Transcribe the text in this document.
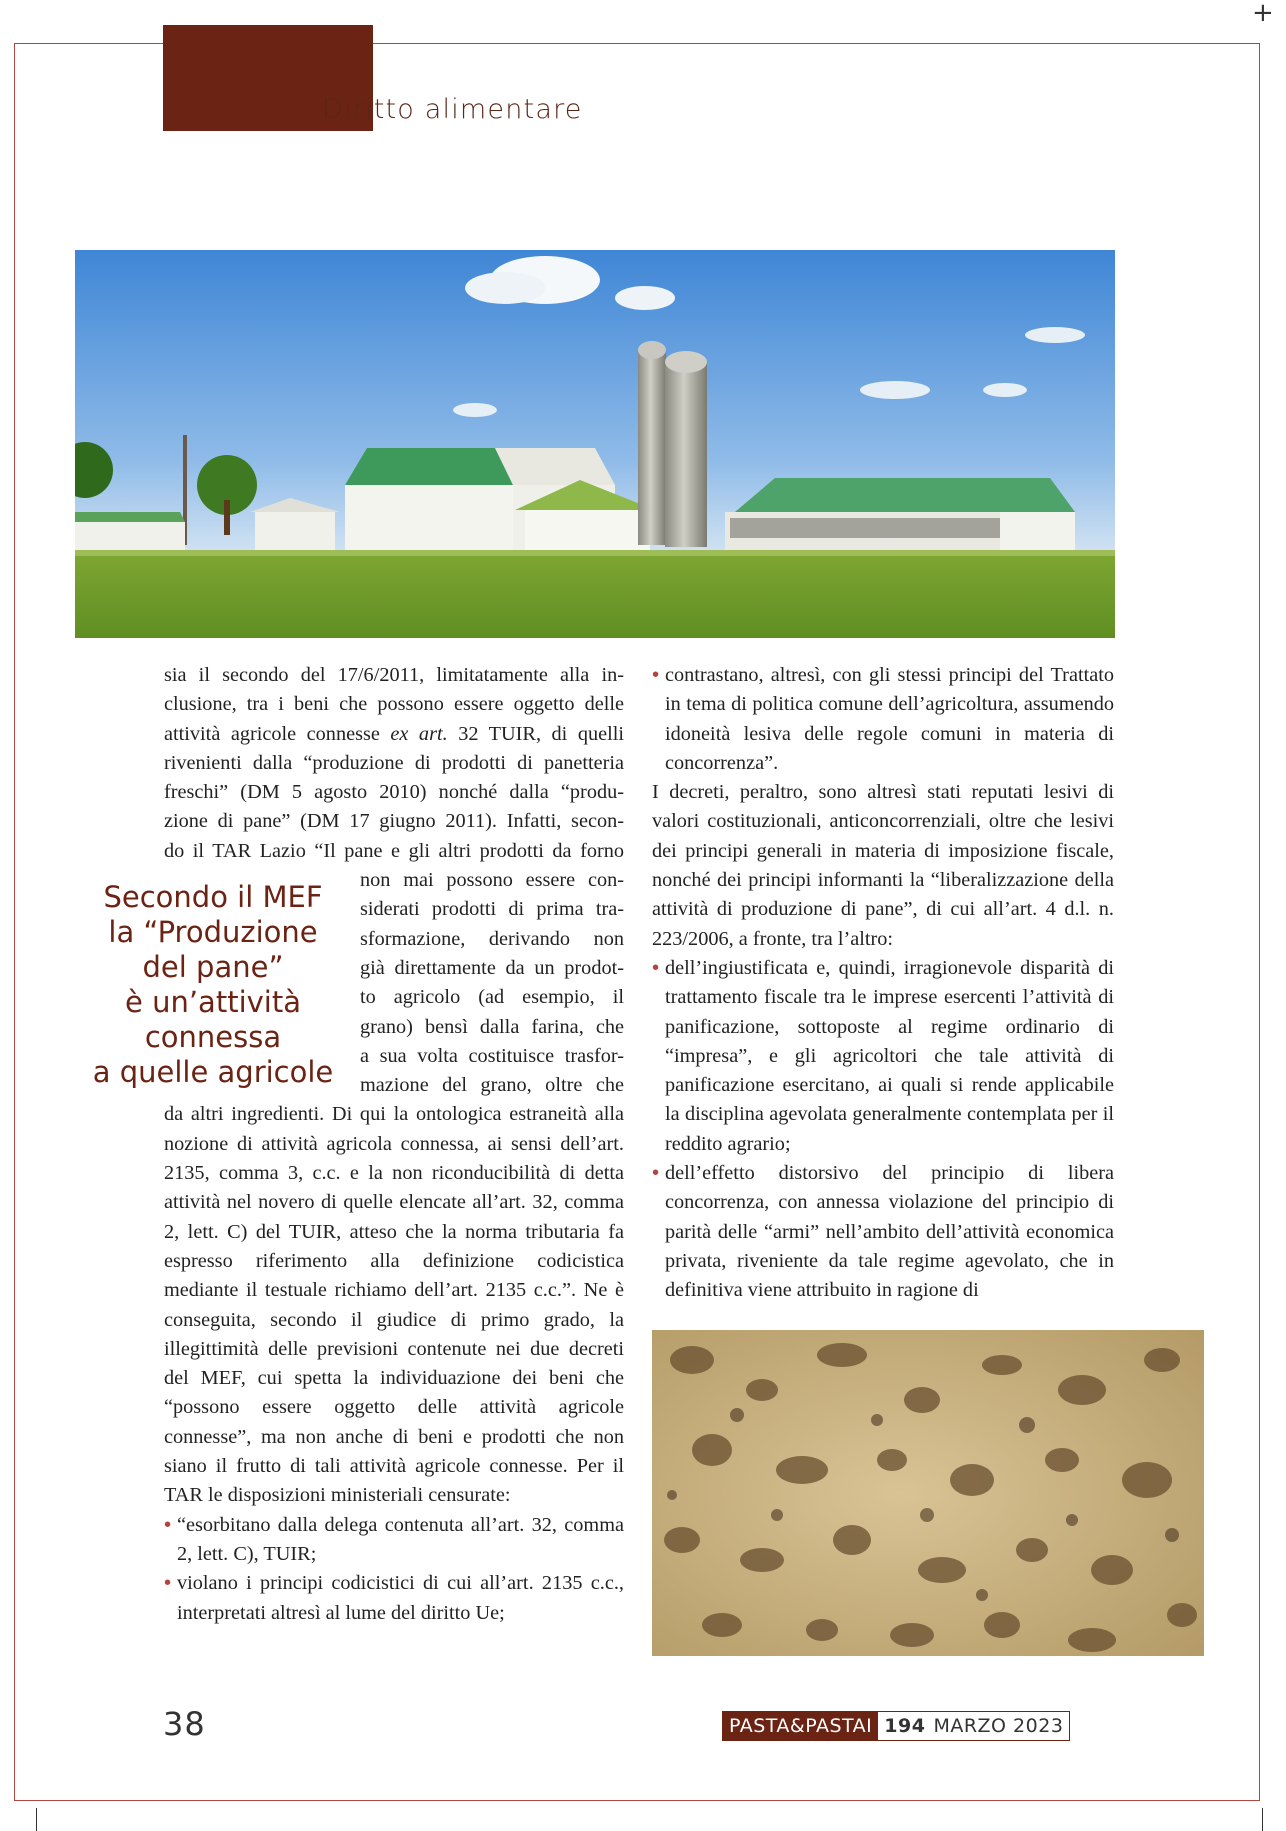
+
Diritto alimentare

sia il secondo del 17/6/2011, limitatamente alla in-

clusione, tra i beni che possono essere oggetto delle

attività agricole connesse ex art. 32 TUIR, di quelli

rivenienti dalla “produzione di prodotti di panetteria

freschi” (DM 5 agosto 2010) nonché dalla “produ-

zione di pane” (DM 17 giugno 2011). Infatti, secon-

do il TAR Lazio “Il pane e gli altri prodotti da forno

non mai possono essere con-

siderati prodotti di prima tra-

sformazione, derivando non

già direttamente da un prodot-

to agricolo (ad esempio, il

grano) bensì dalla farina, che

a sua volta costituisce trasfor-

mazione del grano, oltre che

da altri ingredienti. Di qui la ontologica estraneità alla nozione di attività agricola connessa, ai sensi dell’art. 2135, comma 3, c.c. e la non riconducibilità di detta attività nel novero di quelle elencate all’art. 32, comma 2, lett. C) del TUIR, atteso che la norma tributaria fa espresso riferimento alla definizione codicistica mediante il testuale richiamo dell’art. 2135 c.c.”. Ne è conseguita, secondo il giudice di primo grado, la illegittimità delle previsioni contenute nei due decreti del MEF, cui spetta la individuazione dei beni che “possono essere oggetto delle attività agricole connesse”, ma non anche di beni e prodotti che non siano il frutto di tali attività agricole connesse. Per il TAR le disposizioni ministeriali censurate:

• “esorbitano dalla delega contenuta all’art. 32, comma 2, lett. C), TUIR;

• violano i principi codicistici di cui all’art. 2135 c.c., interpretati altresì al lume del diritto Ue;

Secondo il MEF
la “Produzione
del pane”
è un’attività
connessa
a quelle agricole

• contrastano, altresì, con gli stessi principi del Trattato in tema di politica comune dell’agricoltura, assumendo idoneità lesiva delle regole comuni in materia di concorrenza”.

I decreti, peraltro, sono altresì stati reputati lesivi di valori costituzionali, anticoncorrenziali, oltre che lesivi dei principi generali in materia di imposizione fiscale, nonché dei principi informanti la “liberalizzazione della attività di produzione di pane”, di cui all’art. 4 d.l. n. 223/2006, a fronte, tra l’altro:

• dell’ingiustificata e, quindi, irragionevole disparità di trattamento fiscale tra le imprese esercenti l’attività di panificazione, sottoposte al regime ordinario di “impresa”, e gli agricoltori che tale attività di panificazione esercitano, ai quali si rende applicabile la disciplina agevolata generalmente contemplata per il reddito agrario;

• dell’effetto distorsivo del principio di libera concorrenza, con annessa violazione del principio di parità delle “armi” nell’ambito dell’attività economica privata, riveniente da tale regime agevolato, che in definitiva viene attribuito in ragione di

38	PASTA&PASTAI 194 MARZO 2023
